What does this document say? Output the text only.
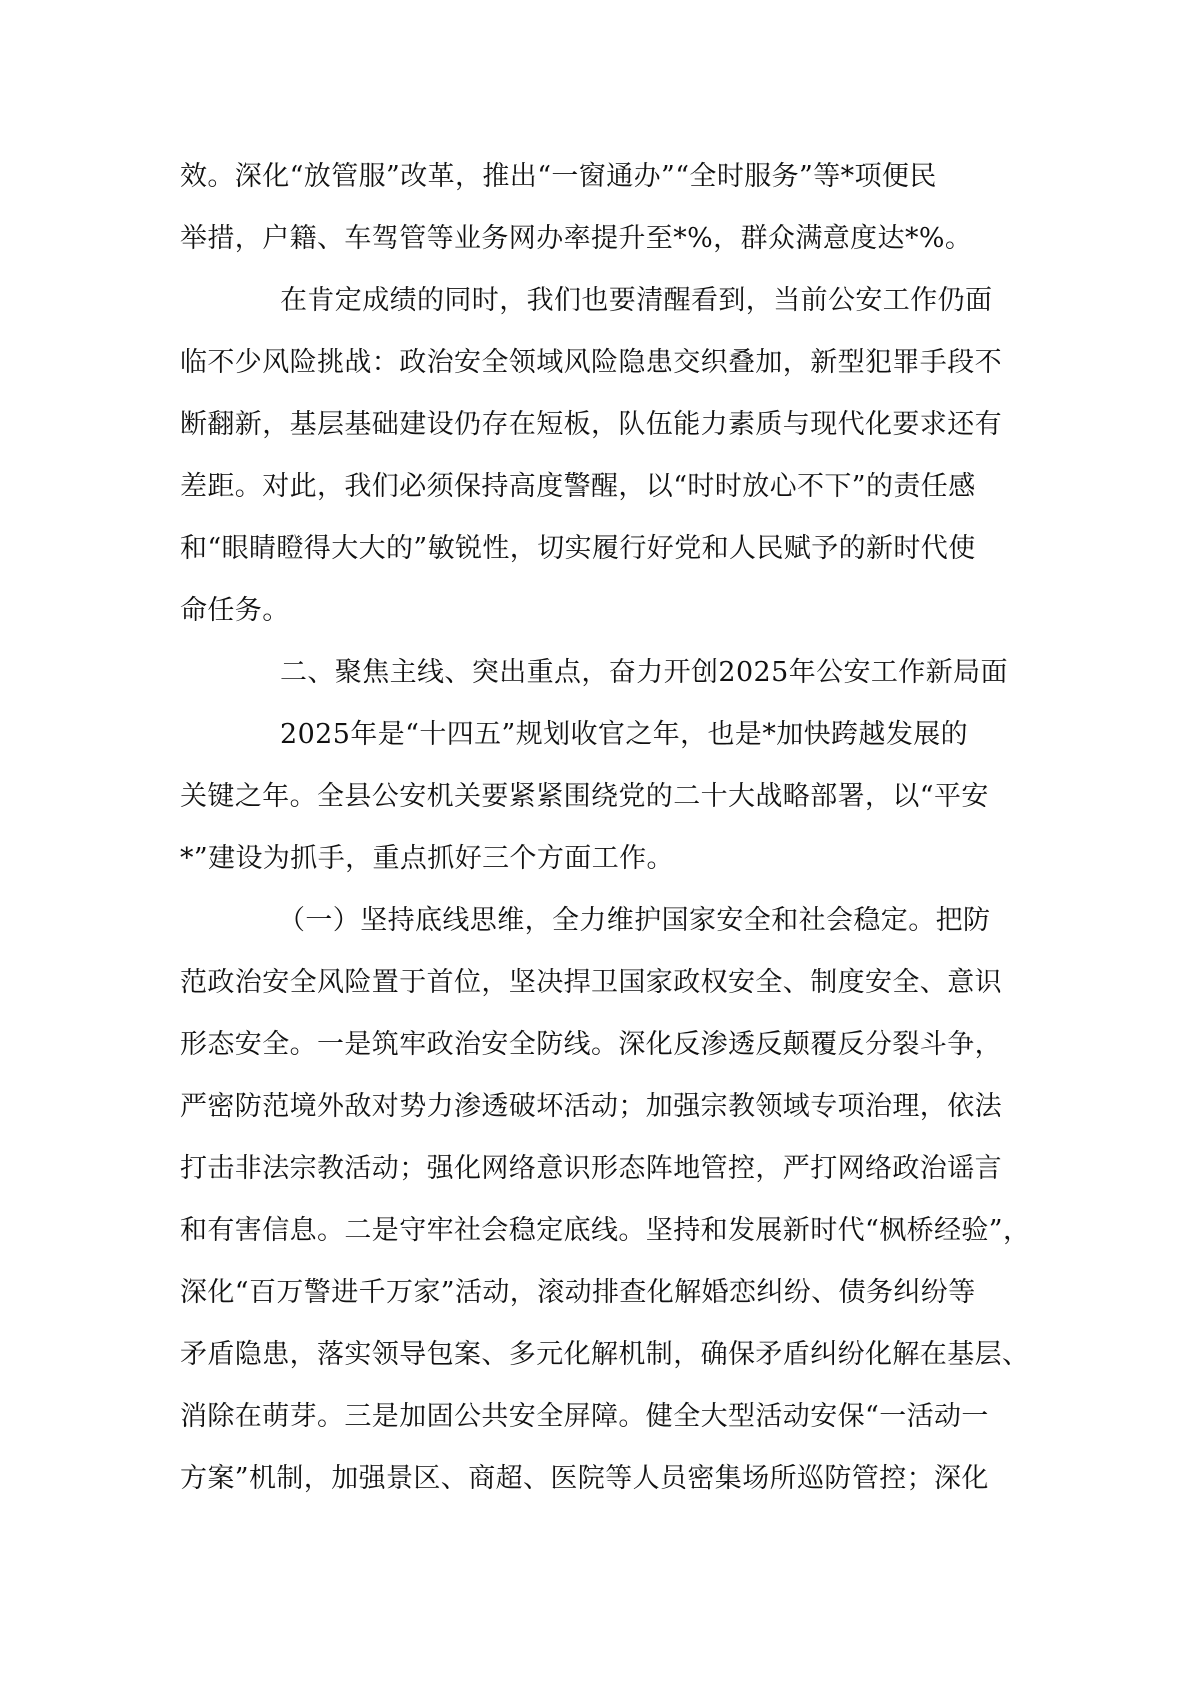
效。深化“放管服”改革，推出“一窗通办”“全时服务”等*项便民
举措，户籍、车驾管等业务网办率提升至*%，群众满意度达*%。
在肯定成绩的同时，我们也要清醒看到，当前公安工作仍面
临不少风险挑战：政治安全领域风险隐患交织叠加，新型犯罪手段不
断翻新，基层基础建设仍存在短板，队伍能力素质与现代化要求还有
差距。对此，我们必须保持高度警醒，以“时时放心不下”的责任感
和“眼睛瞪得大大的”敏锐性，切实履行好党和人民赋予的新时代使
命任务。
二、聚焦主线、突出重点，奋力开创2025年公安工作新局面
2025年是“十四五”规划收官之年，也是*加快跨越发展的
关键之年。全县公安机关要紧紧围绕党的二十大战略部署，以“平安
*”建设为抓手，重点抓好三个方面工作。
（一）坚持底线思维，全力维护国家安全和社会稳定。把防
范政治安全风险置于首位，坚决捍卫国家政权安全、制度安全、意识
形态安全。一是筑牢政治安全防线。深化反渗透反颠覆反分裂斗争，
严密防范境外敌对势力渗透破坏活动；加强宗教领域专项治理，依法
打击非法宗教活动；强化网络意识形态阵地管控，严打网络政治谣言
和有害信息。二是守牢社会稳定底线。坚持和发展新时代“枫桥经验”，
深化“百万警进千万家”活动，滚动排查化解婚恋纠纷、债务纠纷等
矛盾隐患，落实领导包案、多元化解机制，确保矛盾纠纷化解在基层、
消除在萌芽。三是加固公共安全屏障。健全大型活动安保“一活动一
方案”机制，加强景区、商超、医院等人员密集场所巡防管控；深化
